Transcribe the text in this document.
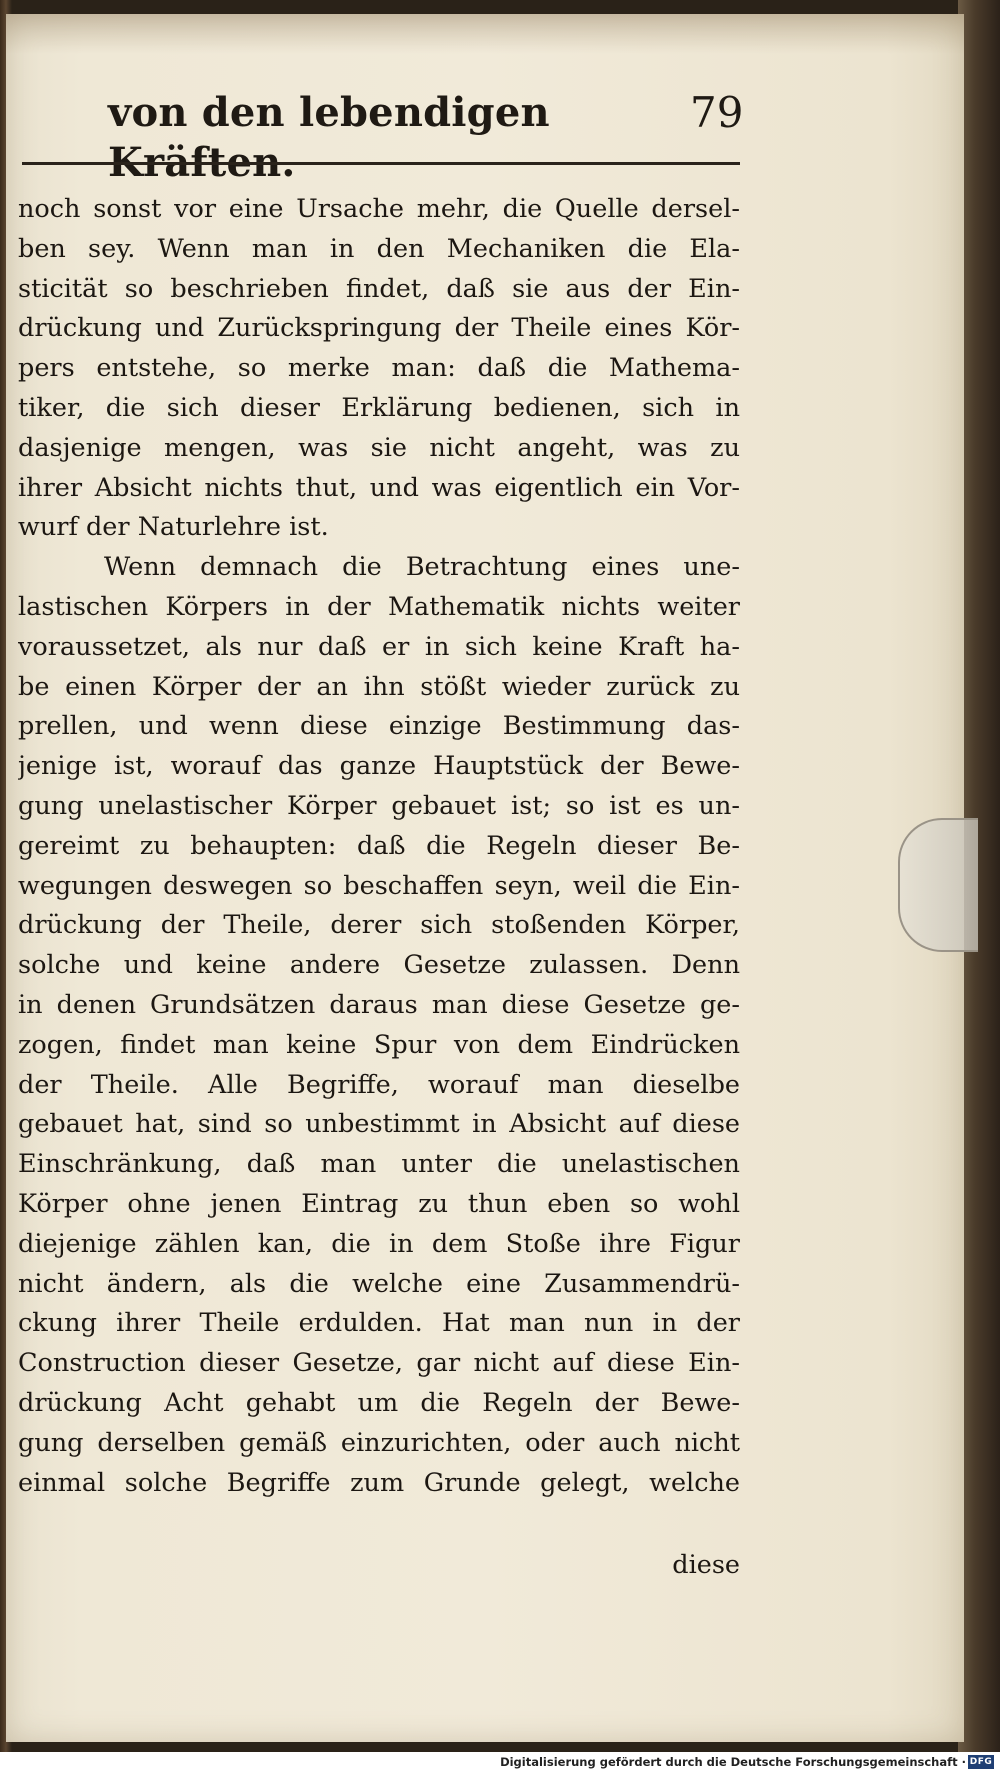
von den lebendigen Kräften.
79
noch sonst vor eine Ursache mehr, die Quelle dersel-
ben sey. Wenn man in den Mechaniken die Ela-
sticität so beschrieben findet, daß sie aus der Ein-
drückung und Zurückspringung der Theile eines Kör-
pers entstehe, so merke man: daß die Mathema-
tiker, die sich dieser Erklärung bedienen, sich in
dasjenige mengen, was sie nicht angeht, was zu
ihrer Absicht nichts thut, und was eigentlich ein Vor-
wurf der Naturlehre ist.
Wenn demnach die Betrachtung eines une-
lastischen Körpers in der Mathematik nichts weiter
voraussetzet, als nur daß er in sich keine Kraft ha-
be einen Körper der an ihn stößt wieder zurück zu
prellen, und wenn diese einzige Bestimmung das-
jenige ist, worauf das ganze Hauptstück der Bewe-
gung unelastischer Körper gebauet ist; so ist es un-
gereimt zu behaupten: daß die Regeln dieser Be-
wegungen deswegen so beschaffen seyn, weil die Ein-
drückung der Theile, derer sich stoßenden Körper,
solche und keine andere Gesetze zulassen. Denn
in denen Grundsätzen daraus man diese Gesetze ge-
zogen, findet man keine Spur von dem Eindrücken
der Theile. Alle Begriffe, worauf man dieselbe
gebauet hat, sind so unbestimmt in Absicht auf diese
Einschränkung, daß man unter die unelastischen
Körper ohne jenen Eintrag zu thun eben so wohl
diejenige zählen kan, die in dem Stoße ihre Figur
nicht ändern, als die welche eine Zusammendrü-
ckung ihrer Theile erdulden. Hat man nun in der
Construction dieser Gesetze, gar nicht auf diese Ein-
drückung Acht gehabt um die Regeln der Bewe-
gung derselben gemäß einzurichten, oder auch nicht
einmal solche Begriffe zum Grunde gelegt, welche
diese
Digitalisierung gefördert durch die Deutsche Forschungsgemeinschaft · DFG
